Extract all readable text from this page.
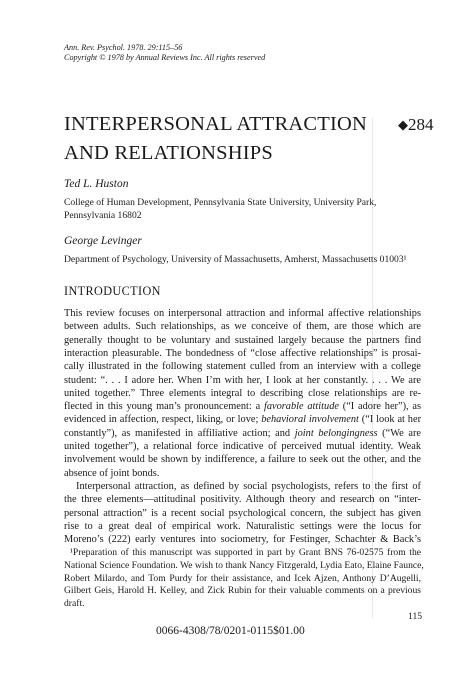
Ann. Rev. Psychol. 1978. 29:115–56
Copyright © 1978 by Annual Reviews Inc. All rights reserved
INTERPERSONAL ATTRACTION
AND RELATIONSHIPS
◆284
Ted L. Huston
College of Human Development, Pennsylvania State University, University Park,
Pennsylvania 16802
George Levinger
Department of Psychology, University of Massachusetts, Amherst, Massachusetts 01003¹
INTRODUCTION
This review focuses on interpersonal attraction and informal affective relationships
between adults. Such relationships, as we conceive of them, are those which are
generally thought to be voluntary and sustained largely because the partners find
interaction pleasurable. The bondedness of “close affective relationships” is prosai-
cally illustrated in the following statement culled from an interview with a college
student: “. . . I adore her. When I’m with her, I look at her constantly. . . . We are
united together.” Three elements integral to describing close relationships are re-
flected in this young man’s pronouncement: a favorable attitude (“I adore her”), as
evidenced in affection, respect, liking, or love; behavioral involvement (“I look at her
constantly”), as manifested in affiliative action; and joint belongingness (“We are
united together”), a relational force indicative of perceived mutual identity. Weak
involvement would be shown by indifference, a failure to seek out the other, and the
absence of joint bonds.
Interpersonal attraction, as defined by social psychologists, refers to the first of
the three elements—attitudinal positivity. Although theory and research on “inter-
personal attraction” is a recent social psychological concern, the subject has given
rise to a great deal of empirical work. Naturalistic settings were the locus for
Moreno’s (222) early ventures into sociometry, for Festinger, Schachter & Back’s
¹Preparation of this manuscript was supported in part by Grant BNS 76-02575 from the
National Science Foundation. We wish to thank Nancy Fitzgerald, Lydia Eato, Elaine Faunce,
Robert Milardo, and Tom Purdy for their assistance, and Icek Ajzen, Anthony D’Augelli,
Gilbert Geis, Harold H. Kelley, and Zick Rubin for their valuable comments on a previous
draft.
115
0066-4308/78/0201-0115$01.00
